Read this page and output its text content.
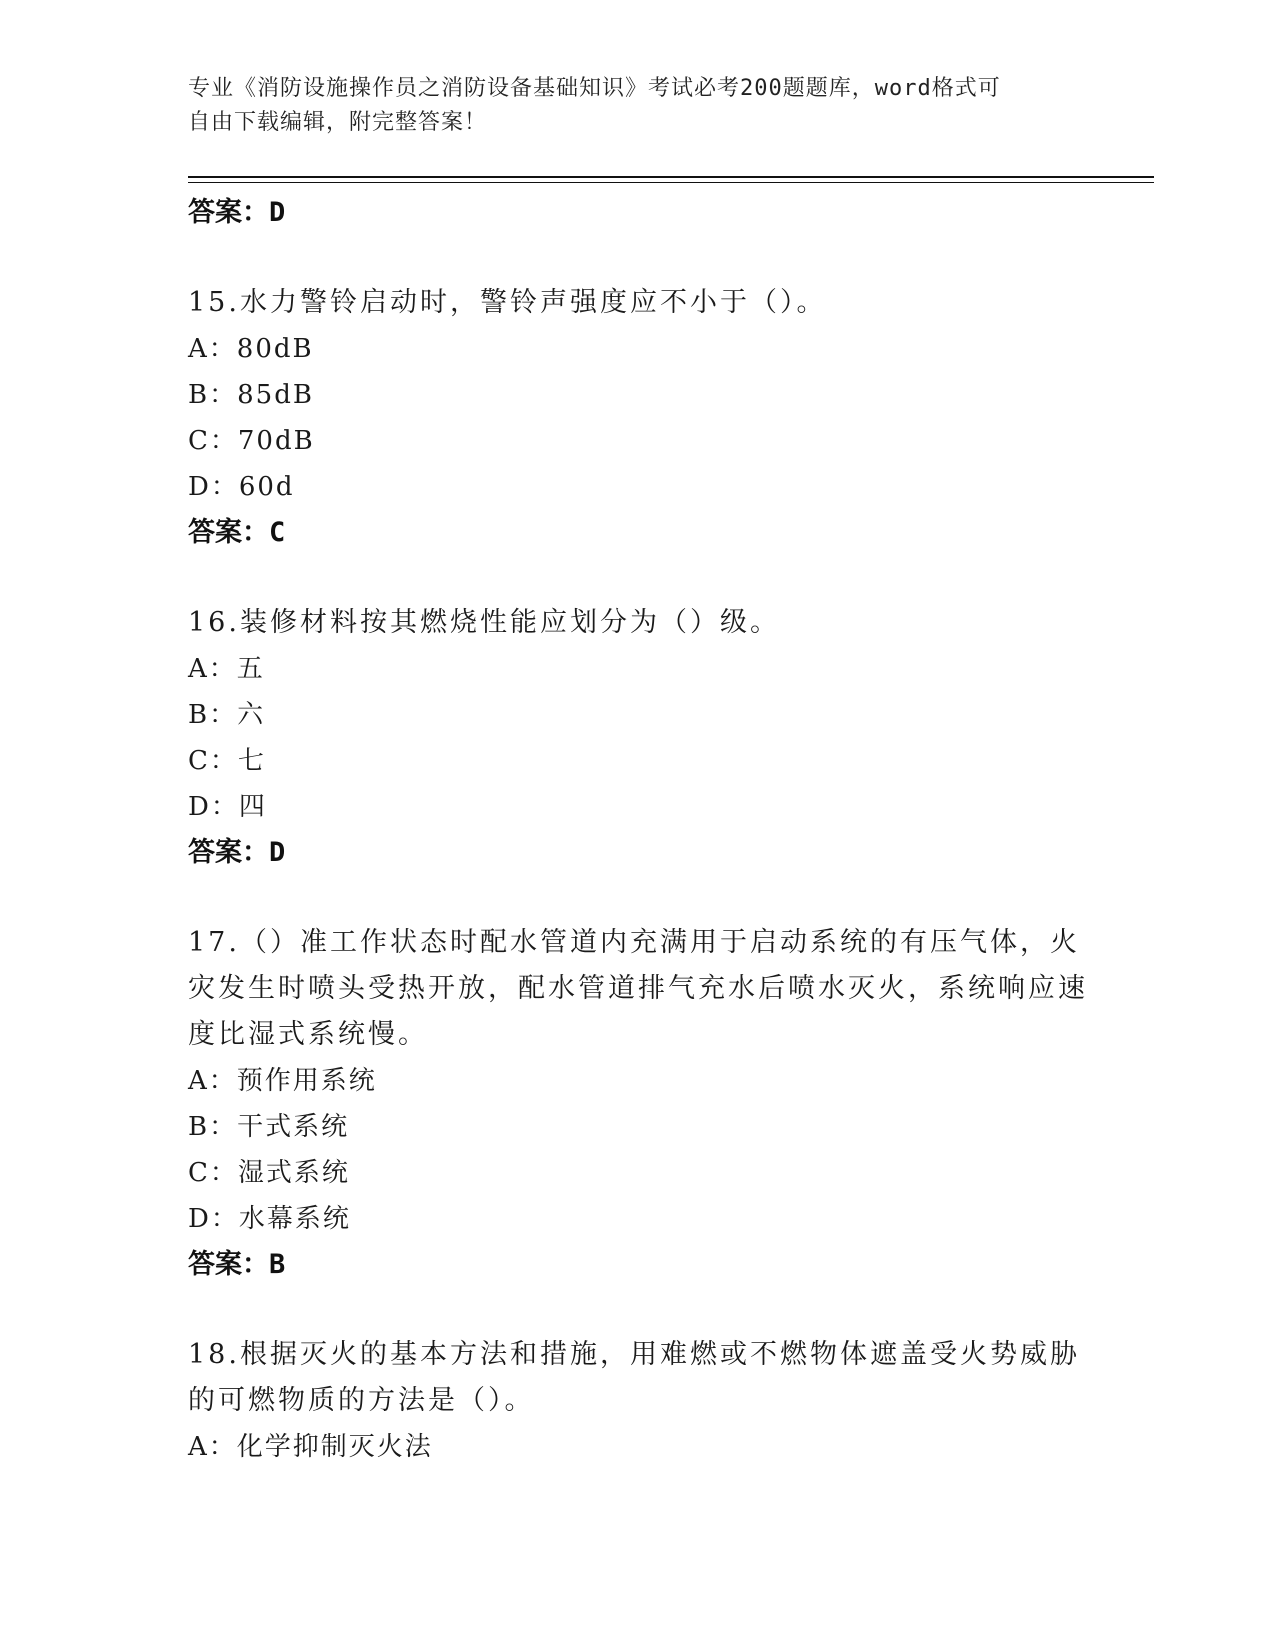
专业《消防设施操作员之消防设备基础知识》考试必考200题题库，word格式可
自由下载编辑，附完整答案！
答案：D
15.水力警铃启动时，警铃声强度应不小于（）。
A：80dB
B：85dB
C：70dB
D：60d
答案：C
16.装修材料按其燃烧性能应划分为（）级。
A：五
B：六
C：七
D：四
答案：D
17.（）准工作状态时配水管道内充满用于启动系统的有压气体，火灾发生时喷头受热开放，配水管道排气充水后喷水灭火，系统响应速度比湿式系统慢。
A：预作用系统
B：干式系统
C：湿式系统
D：水幕系统
答案：B
18.根据灭火的基本方法和措施，用难燃或不燃物体遮盖受火势威胁的可燃物质的方法是（）。
A：化学抑制灭火法
